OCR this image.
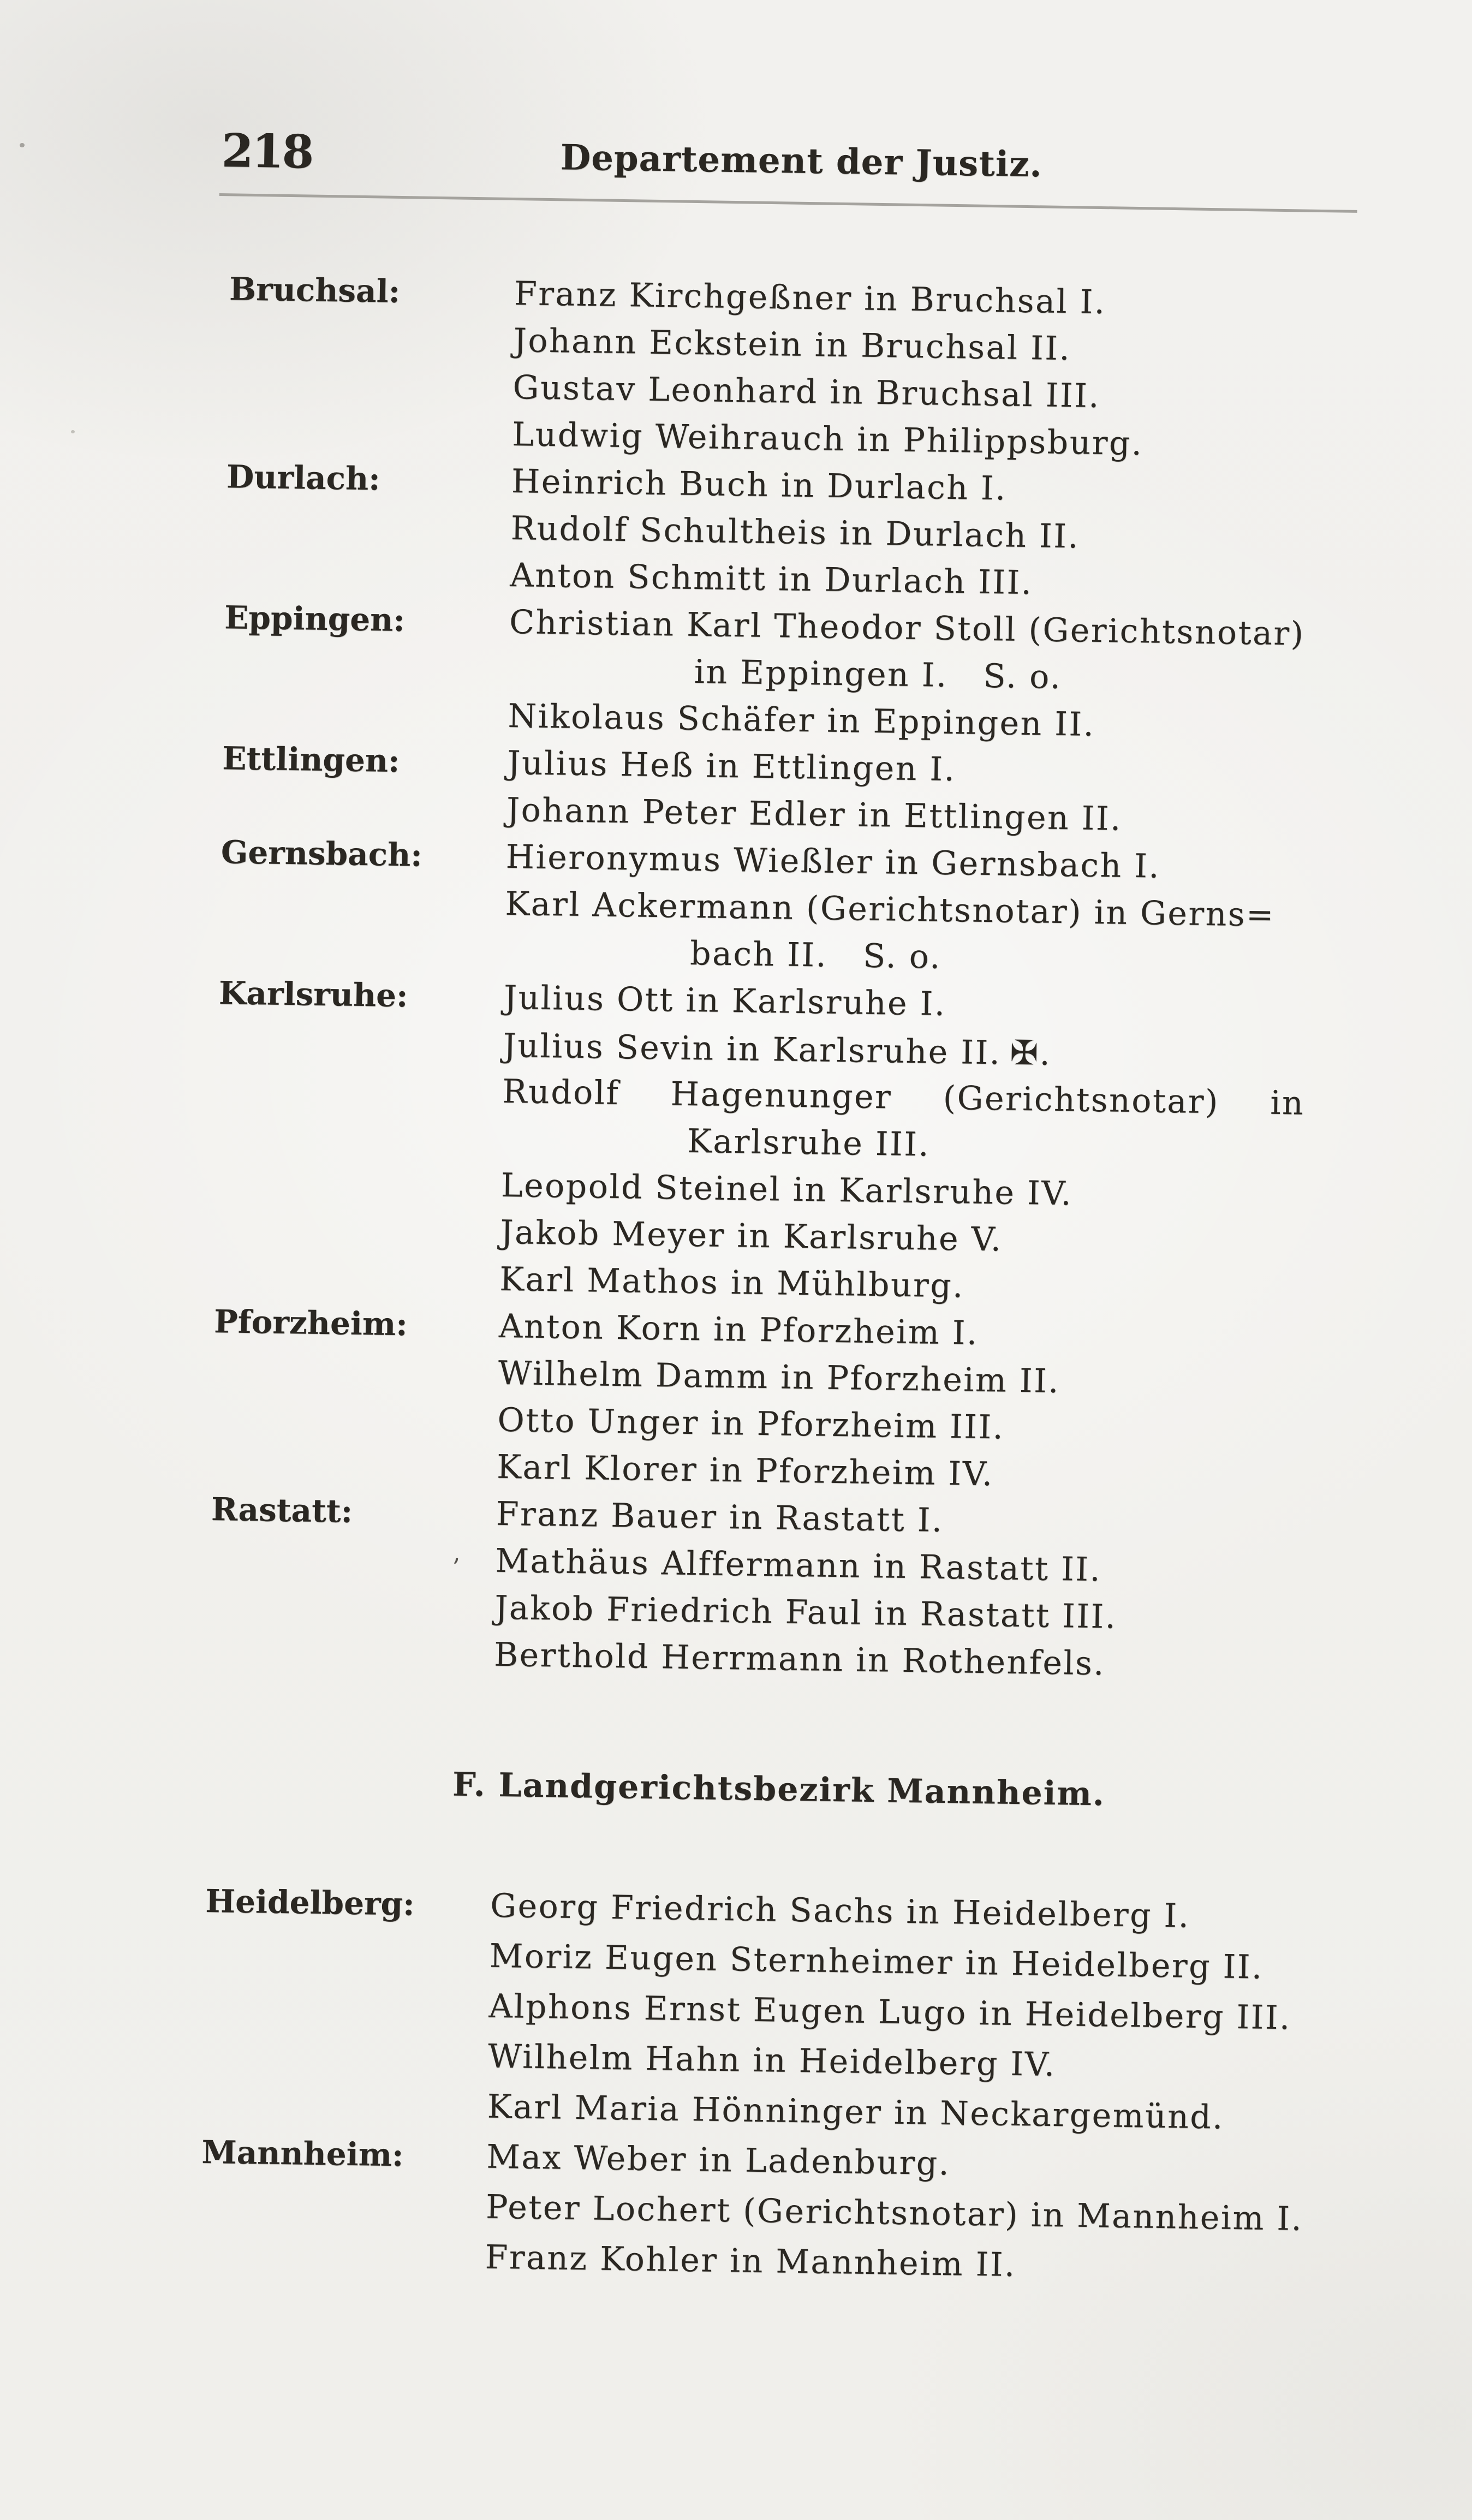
218	Departement der Justiz.
Bruchsal:	Franz Kirchgeßner in Bruchsal I.
Johann Eckstein in Bruchsal II.
Gustav Leonhard in Bruchsal III.
Ludwig Weihrauch in Philippsburg.
Durlach:	Heinrich Buch in Durlach I.
Rudolf Schultheis in Durlach II.
Anton Schmitt in Durlach III.
Eppingen:	Christian Karl Theodor Stoll (Gerichtsnotar)
in Eppingen I.  S. o.
Nikolaus Schäfer in Eppingen II.
Ettlingen:	Julius Heß in Ettlingen I.
Johann Peter Edler in Ettlingen II.
Gernsbach:	Hieronymus Wießler in Gernsbach I.
Karl Ackermann (Gerichtsnotar) in Gerns=
bach II.  S. o.
Karlsruhe:	Julius Ott in Karlsruhe I.
Julius Sevin in Karlsruhe II. ✠.
Rudolf Hagenunger (Gerichtsnotar) in
Karlsruhe III.
Leopold Steinel in Karlsruhe IV.
Jakob Meyer in Karlsruhe V.
Karl Mathos in Mühlburg.
Pforzheim:	Anton Korn in Pforzheim I.
Wilhelm Damm in Pforzheim II.
Otto Unger in Pforzheim III.
Karl Klorer in Pforzheim IV.
Rastatt:	Franz Bauer in Rastatt I.
’ Mathäus Alffermann in Rastatt II.
Jakob Friedrich Faul in Rastatt III.
Berthold Herrmann in Rothenfels.
F. Landgerichtsbezirk Mannheim.
Heidelberg: Georg Friedrich Sachs in Heidelberg I.
Moriz Eugen Sternheimer in Heidelberg II.
Alphons Ernst Eugen Lugo in Heidelberg III.
Wilhelm Hahn in Heidelberg IV.
Karl Maria Hönninger in Neckargemünd.
Mannheim:	Max Weber in Ladenburg.
Peter Lochert (Gerichtsnotar) in Mannheim I.
Franz Kohler in Mannheim II.
